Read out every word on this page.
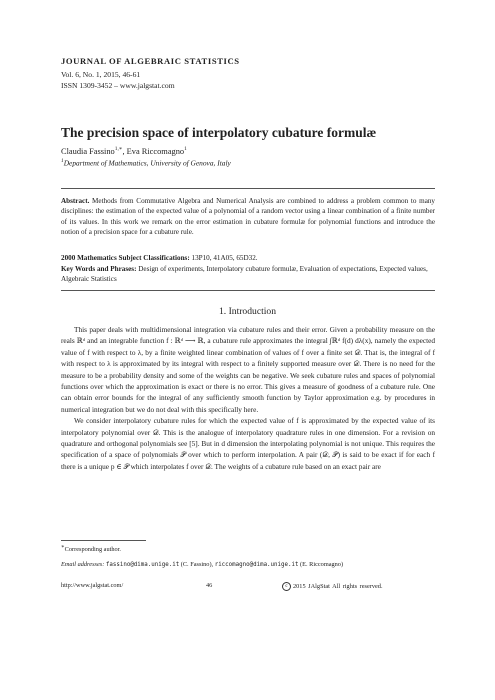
JOURNAL OF ALGEBRAIC STATISTICS
Vol. 6, No. 1, 2015, 46-61
ISSN 1309-3452 – www.jalgstat.com
The precision space of interpolatory cubature formulæ
Claudia Fassino$^{1,∗}$, Eva Riccomagno$^1$
$^1$Department of Mathematics, University of Genova, Italy

Abstract. Methods from Commutative Algebra and Numerical Analysis are combined to address a problem common to many disciplines: the estimation of the expected value of a polynomial of a random vector using a linear combination of a finite number of its values. In this work we remark on the error estimation in cubature formulæ for polynomial functions and introduce the notion of a precision space for a cubature rule.

2000 Mathematics Subject Classifications: 13P10, 41A05, 65D32.

Key Words and Phrases: Design of experiments, Interpolatory cubature formulæ, Evaluation of expectations, Expected values, Algebraic Statistics

1. Introduction

This paper deals with multidimensional integration via cubature rules and their error. Given a probability measure on the reals ℝᵈ and an integrable function f : ℝᵈ ⟶ ℝ, a cubature rule approximates the integral ∫ℝᵈ f(d) dλ(x), namely the expected value of f with respect to λ, by a finite weighted linear combination of values of f over a finite set 𝒟. That is, the integral of f with respect to λ is approximated by its integral with respect to a finitely supported measure over 𝒟. There is no need for the measure to be a probability density and some of the weights can be negative. We seek cubature rules and spaces of polynomial functions over which the approximation is exact or there is no error. This gives a measure of goodness of a cubature rule. One can obtain error bounds for the integral of any sufficiently smooth function by Taylor approximation e.g. by procedures in numerical integration but we do not deal with this specifically here.

We consider interpolatory cubature rules for which the expected value of f is approximated by the expected value of its interpolatory polynomial over 𝒟. This is the analogue of interpolatory quadrature rules in one dimension. For a revision on quadrature and orthogonal polynomials see [5]. But in d dimension the interpolating polynomial is not unique. This requires the specification of a space of polynomials 𝒫 over which to perform interpolation. A pair (𝒟, 𝒫) is said to be exact if for each f there is a unique p ∈ 𝒫 which interpolates f over 𝒟. The weights of a cubature rule based on an exact pair are

∗Corresponding author.

Email addresses: fassino@dima.unige.it (C. Fassino), riccomagno@dima.unige.it (E. Riccomagno)

http://www.jalgstat.com/	46	c 2015 JAlgStat All rights reserved.
